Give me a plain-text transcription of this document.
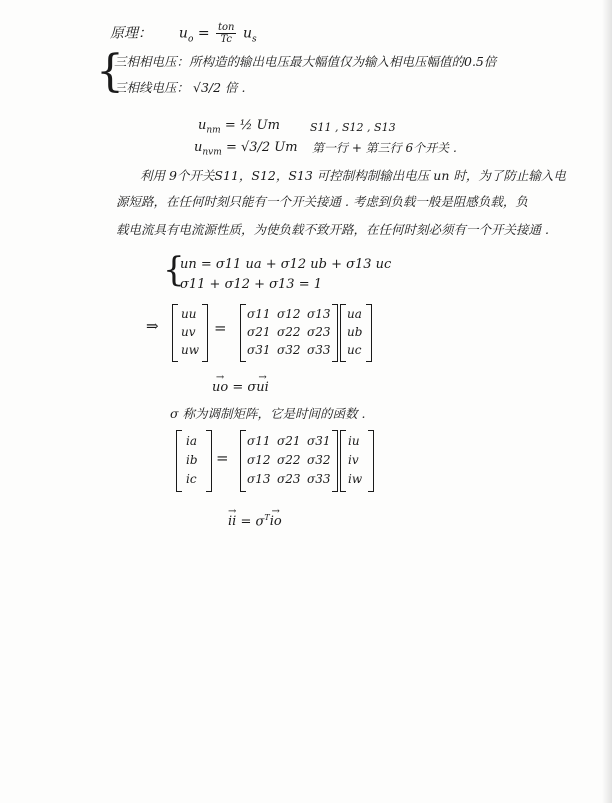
原理： $u_o = \frac{\text{ton}}{Tc} u_s$
{
三相相电压：所构造的输出电压最大幅值仅为输入相电压幅值的0.5倍
三相线电压： √3/2 倍 .
$u_{nm}$ = ½ Um	S11 , S12 , S13
$u_{nvm} = √3/2$ Um 第一行 + 第三行 6个开关 .
利用 9个开关S11，S12，S13 可控制构制输出电压 un 时，为了防止输入电
源短路，在任何时刻只能有一个开关接通 . 考虑到负载一般是阻感负载，负
载电流具有电流源性质，为使负载不致开路，在任何时刻必须有一个开关接通 .
{
un = σ11 ua + σ12 ub + σ13 uc
σ11 + σ12 + σ13 = 1
⇒
uu
uv
uw
=
σ11 σ12 σ13
σ21 σ22 σ23
σ31 σ32 σ33
ua
ub
uc
→ uo = σ→ ui
σ 称为调制矩阵，它是时间的函数 .
ia
ib
ic
=
σ11 σ21 σ31
σ12 σ22 σ32
σ13 σ23 σ33
iu
iv
iw
→ ii = $\sigma^T\to$ io
